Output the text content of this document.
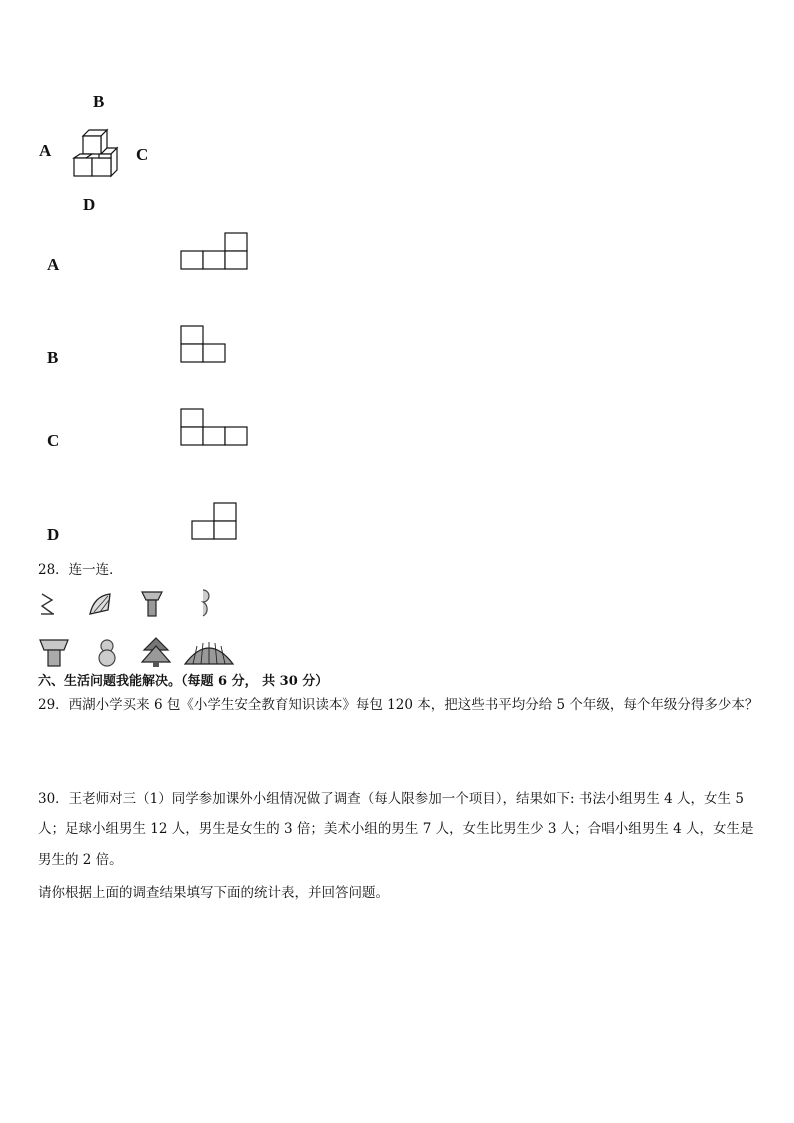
B
A	C
D
A
B
C
D
28．连一连．
六、生活问题我能解决。（每题 6 分， 共 30 分）
29．西湖小学买来 6 包《小学生安全教育知识读本》每包 120 本，把这些书平均分给 5 个年级，每个年级分得多少本？
30．王老师对三（1）同学参加课外小组情况做了调查（每人限参加一个项目），结果如下: 书法小组男生 4 人，女生 5
人；足球小组男生 12 人，男生是女生的 3 倍；美术小组的男生 7 人，女生比男生少 3 人；合唱小组男生 4 人，女生是
男生的 2 倍。
请你根据上面的调查结果填写下面的统计表，并回答问题。
